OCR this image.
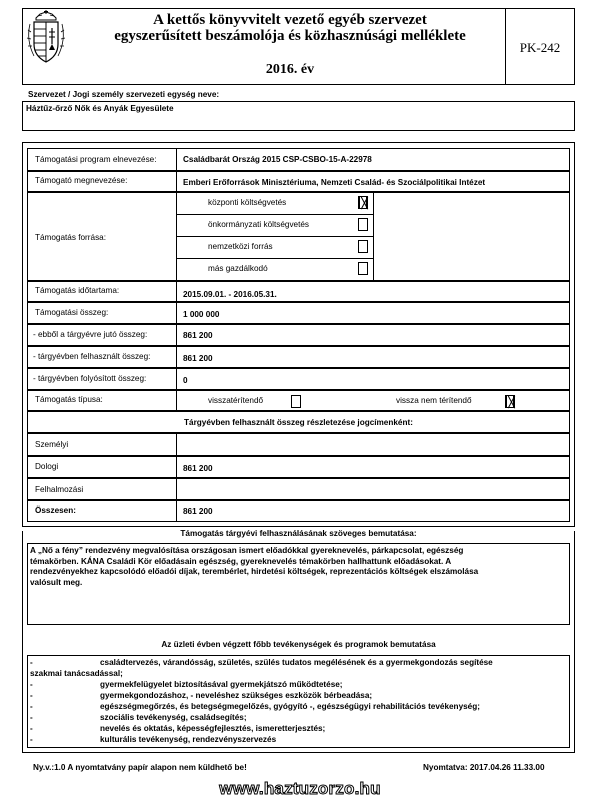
A kettős könyvvitelt vezető egyéb szervezet
egyszerűsített beszámolója és közhasznúsági melléklete
2016. év
PK-242
Szervezet / Jogi személy szervezeti egység neve:
Háztűz-őrző Nők és Anyák Egyesülete
Támogatási program elnevezése:	Családbarát Ország 2015 CSP-CSBO-15-A-22978
Támogató megnevezése:	Emberi Erőforrások Minisztériuma, Nemzeti Család- és Szociálpolitikai Intézet
Támogatás forrása:
központi költségvetés
önkormányzati költségvetés
nemzetközi forrás
más gazdálkodó
Támogatás időtartama:	2015.09.01. - 2016.05.31.
Támogatási összeg:	1 000 000
- ebből a tárgyévre jutó összeg:	861 200
- tárgyévben felhasznált összeg:	861 200
- tárgyévben folyósított összeg:	0
Támogatás típusa:	visszatérítendő	vissza nem térítendő
Tárgyévben felhasznált összeg részletezése jogcímenként:
Személyi
Dologi	861 200
Felhalmozási
Összesen:	861 200
Támogatás tárgyévi felhasználásának szöveges bemutatása:
A „Nő a fény” rendezvény megvalósítása országosan ismert előadókkal gyereknevelés, párkapcsolat, egészség
témakörben. KÁNA Családi Kör előadásain egészség, gyereknevelés témakörben hallhattunk előadásokat. A
rendezvényekhez kapcsolódó előadói díjak, terembérlet, hirdetési költségek, reprezentációs költségek elszámolása
valósult meg.
Az üzleti évben végzett főbb tevékenységek és programok bemutatása
-	családtervezés, várandósság, születés, szülés tudatos megélésének és a gyermekgondozás segítése
szakmai tanácsadással;
-	gyermekfelügyelet biztosításával gyermekjátszó működtetése;
-	gyermekgondozáshoz, - neveléshez szükséges eszközök bérbeadása;
-	egészségmegőrzés, és betegségmegelőzés, gyógyító -, egészségügyi rehabilitációs tevékenység;
-	szociális tevékenység, családsegítés;
-	nevelés és oktatás, képességfejlesztés, ismeretterjesztés;
-	kulturális tevékenység, rendezvényszervezés
Ny.v.:1.0 A nyomtatvány papír alapon nem küldhető be!	Nyomtatva: 2017.04.26 11.33.00
www.haztuzorzo.hu
